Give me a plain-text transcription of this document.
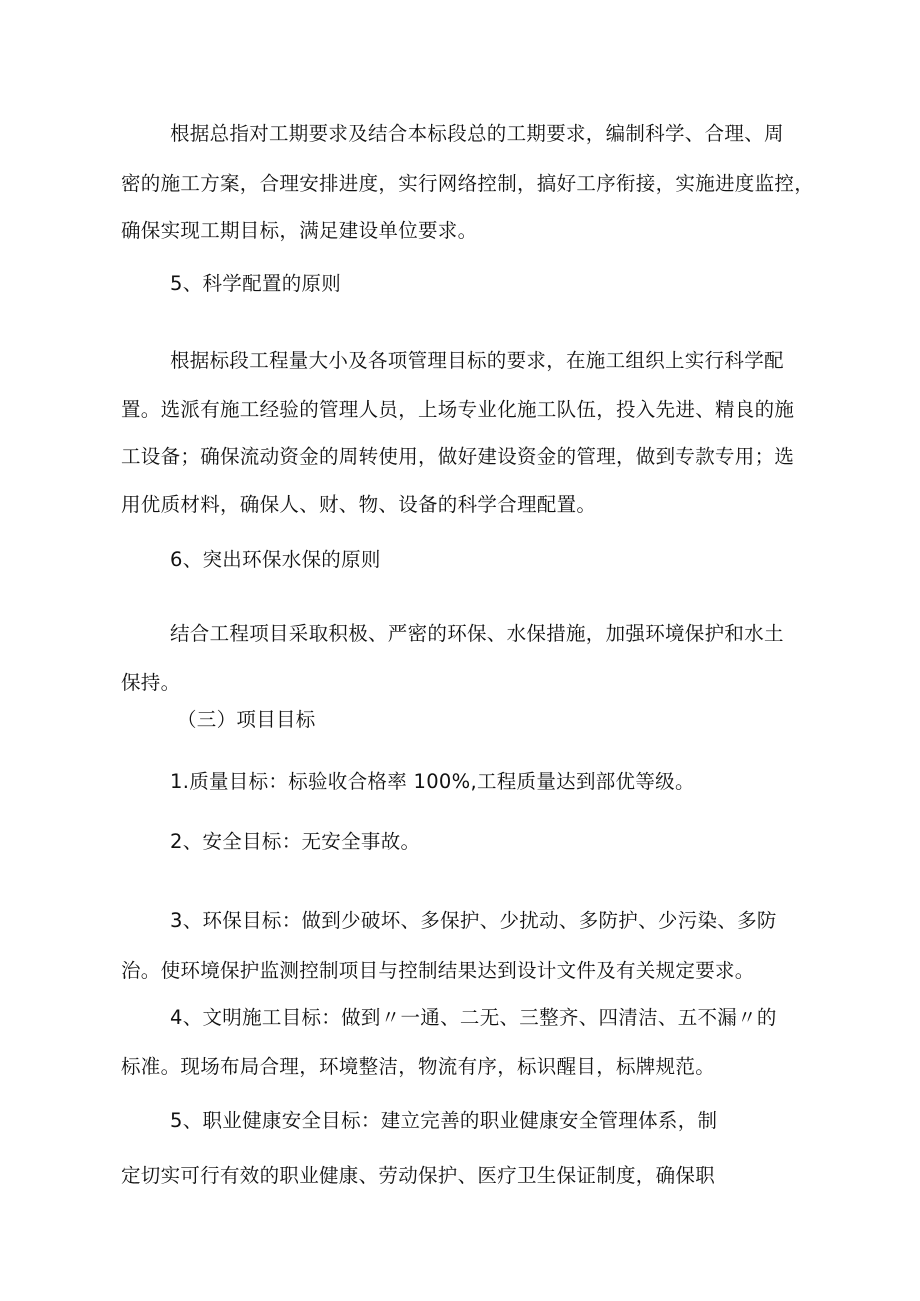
根据总指对工期要求及结合本标段总的工期要求，编制科学、合理、周
密的施工方案，合理安排进度，实行网络控制，搞好工序衔接，实施进度监控，
确保实现工期目标，满足建设单位要求。
5、科学配置的原则
根据标段工程量大小及各项管理目标的要求，在施工组织上实行科学配
置。选派有施工经验的管理人员，上场专业化施工队伍，投入先进、精良的施
工设备；确保流动资金的周转使用，做好建设资金的管理，做到专款专用；选
用优质材料，确保人、财、物、设备的科学合理配置。
6、突出环保水保的原则
结合工程项目采取积极、严密的环保、水保措施，加强环境保护和水土
保持。
（三）项目目标
1.质量目标：标验收合格率 100%,工程质量达到部优等级。
2、安全目标：无安全事故。
3、环保目标：做到少破坏、多保护、少扰动、多防护、少污染、多防
治。使环境保护监测控制项目与控制结果达到设计文件及有关规定要求。
4、文明施工目标：做到〃一通、二无、三整齐、四清洁、五不漏〃的
标准。现场布局合理，环境整洁，物流有序，标识醒目，标牌规范。
5、职业健康安全目标：建立完善的职业健康安全管理体系，制
定切实可行有效的职业健康、劳动保护、医疗卫生保证制度，确保职
